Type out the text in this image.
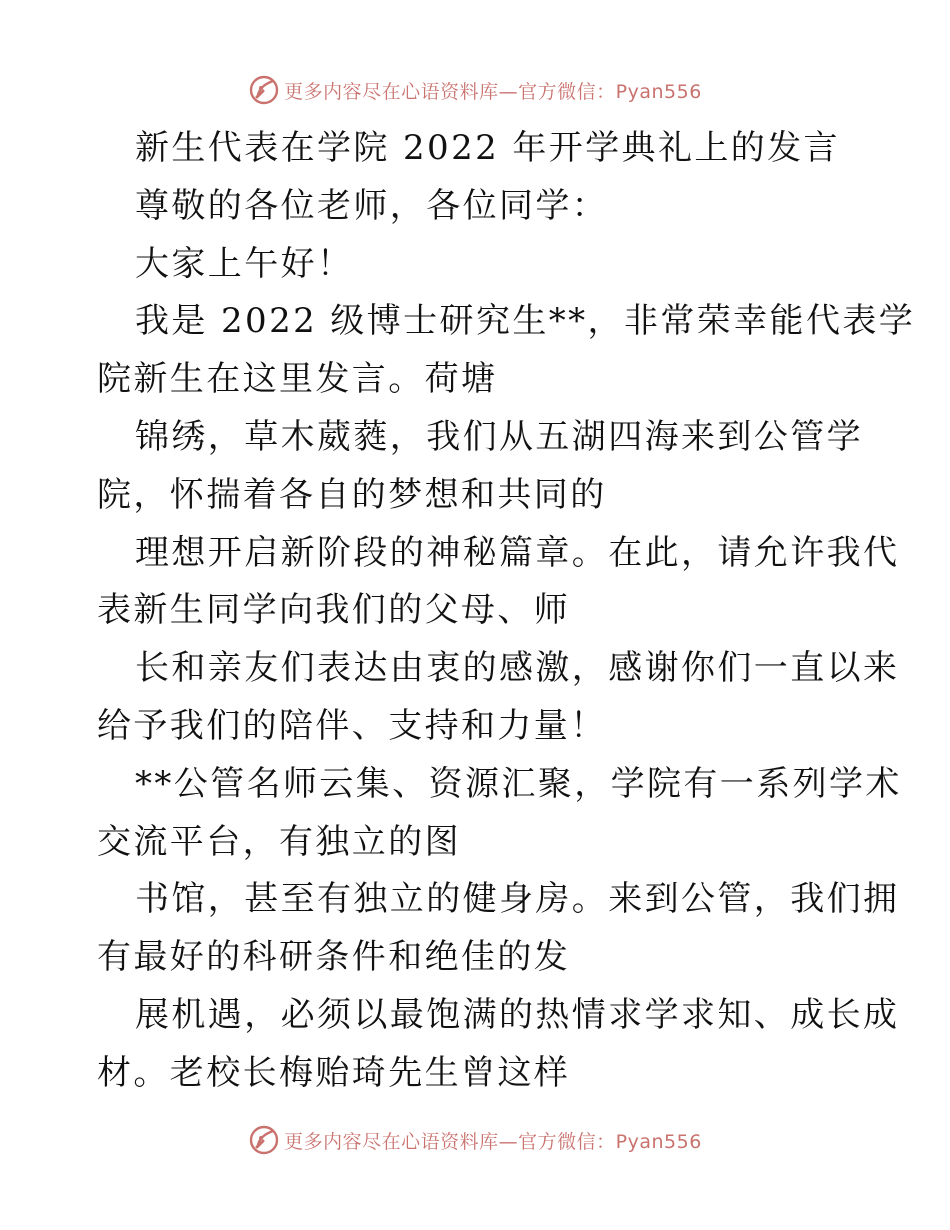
更多内容尽在心语资料库—官方微信：Pyan556
新生代表在学院 2022 年开学典礼上的发言
尊敬的各位老师，各位同学：
大家上午好！
我是 2022 级博士研究生**，非常荣幸能代表学
院新生在这里发言。荷塘
锦绣，草木葳蕤，我们从五湖四海来到公管学
院，怀揣着各自的梦想和共同的
理想开启新阶段的神秘篇章。在此，请允许我代
表新生同学向我们的父母、师
长和亲友们表达由衷的感激，感谢你们一直以来
给予我们的陪伴、支持和力量！
**公管名师云集、资源汇聚，学院有一系列学术
交流平台，有独立的图
书馆，甚至有独立的健身房。来到公管，我们拥
有最好的科研条件和绝佳的发
展机遇，必须以最饱满的热情求学求知、成长成
材。老校长梅贻琦先生曾这样
更多内容尽在心语资料库—官方微信：Pyan556
